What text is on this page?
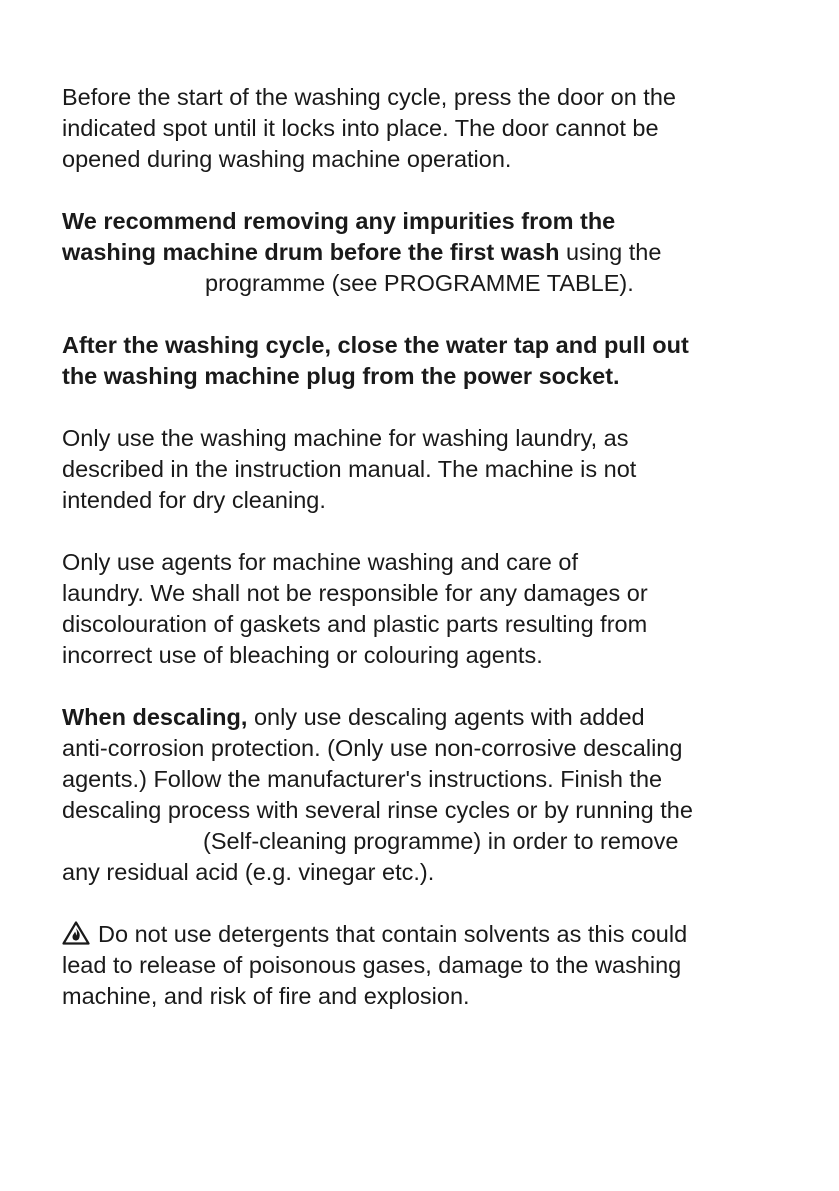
Before the start of the washing cycle, press the door on the
indicated spot until it locks into place. The door cannot be
opened during washing machine operation.

We recommend removing any impurities from the
washing machine drum before the first wash using the
programme (see PROGRAMME TABLE).

After the washing cycle, close the water tap and pull out
the washing machine plug from the power socket.

Only use the washing machine for washing laundry, as
described in the instruction manual. The machine is not
intended for dry cleaning.

Only use agents for machine washing and care of
laundry. We shall not be responsible for any damages or
discolouration of gaskets and plastic parts resulting from
incorrect use of bleaching or colouring agents.

When descaling, only use descaling agents with added
anti-corrosion protection. (Only use non-corrosive descaling
agents.) Follow the manufacturer's instructions. Finish the
descaling process with several rinse cycles or by running the
(Self-cleaning programme) in order to remove
any residual acid (e.g. vinegar etc.).

Do not use detergents that contain solvents as this could
lead to release of poisonous gases, damage to the washing
machine, and risk of fire and explosion.
